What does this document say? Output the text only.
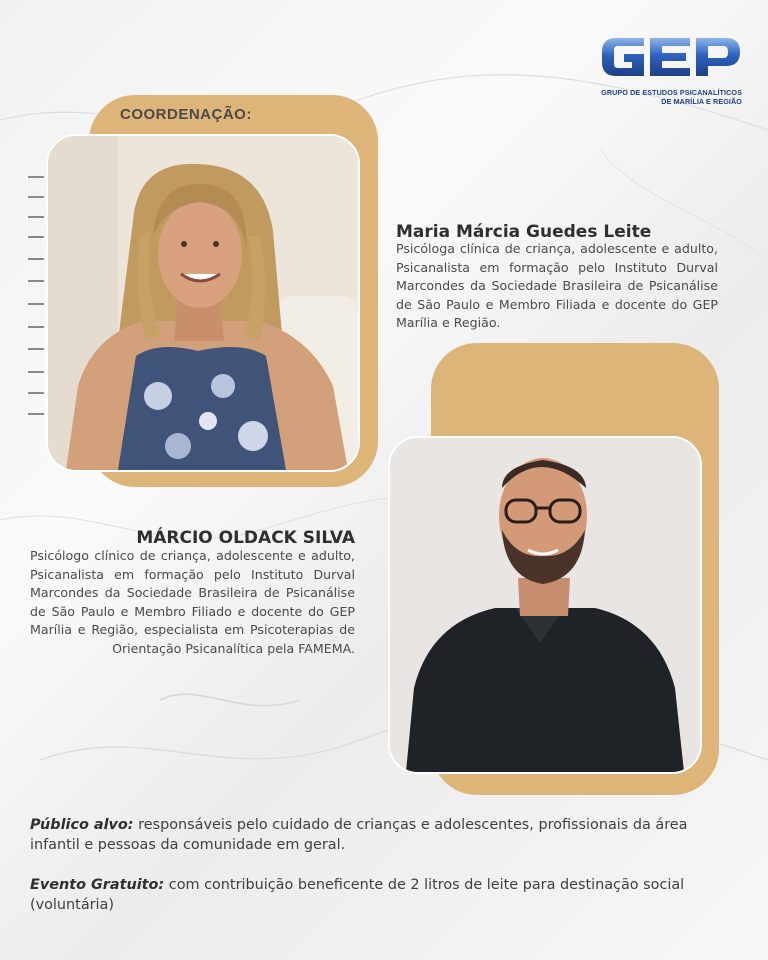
GRUPO DE ESTUDOS PSICANALÍTICOS
DE MARÍLIA E REGIÃO
COORDENAÇÃO:
Maria Márcia Guedes Leite
Psicóloga clínica de criança, adolescente e adulto, Psicanalista em formação pelo Instituto Durval Marcondes da Sociedade Brasileira de Psicanálise de São Paulo e Membro Filiada e docente do GEP Marília e Região.
MÁRCIO OLDACK SILVA
Psicólogo clínico de criança, adolescente e adulto, Psicanalista em formação pelo Instituto Durval Marcondes da Sociedade Brasileira de Psicanálise de São Paulo e Membro Filiado e docente do GEP Marília e Região, especialista em Psicoterapias de Orientação Psicanalítica pela FAMEMA.

Público alvo: responsáveis pelo cuidado de crianças e adolescentes, profissionais da área infantil e pessoas da comunidade em geral.

Evento Gratuito: com contribuição beneficente de 2 litros de leite para destinação social (voluntária)
